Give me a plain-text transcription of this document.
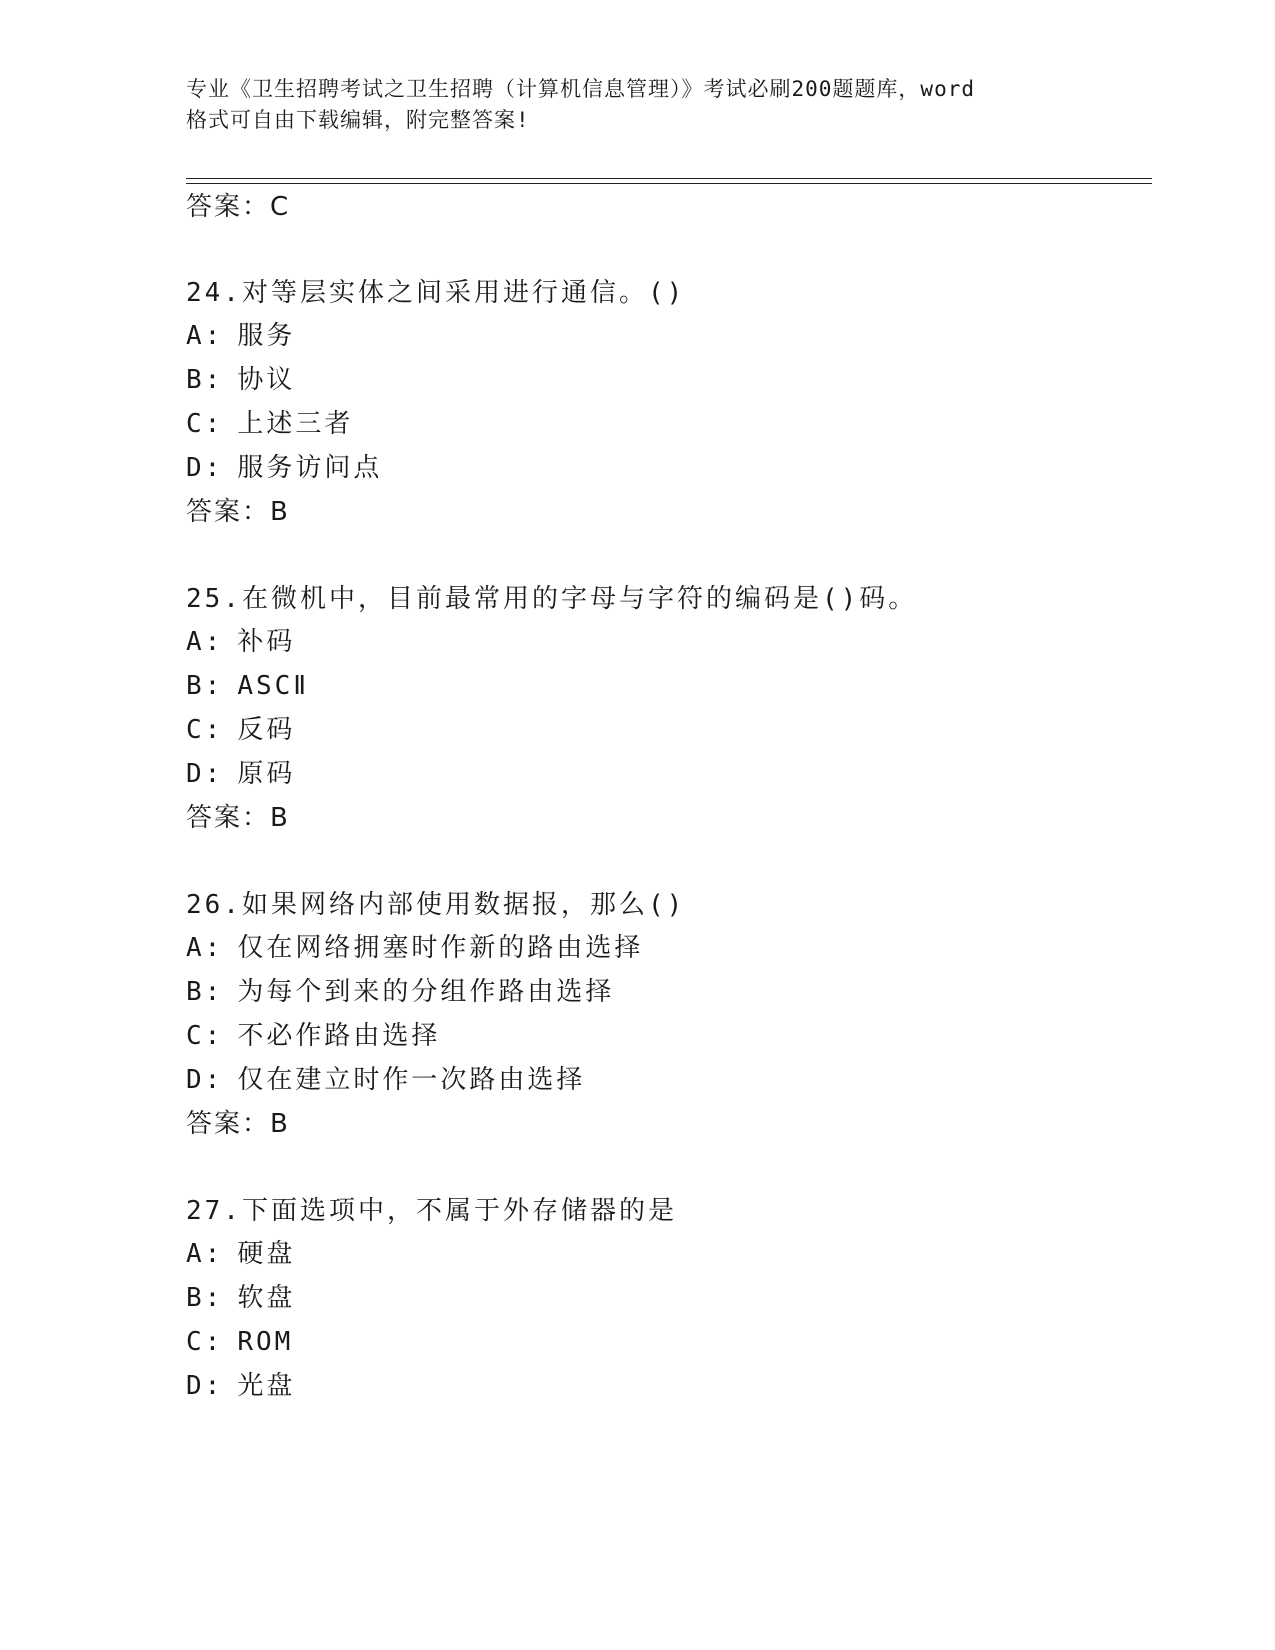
专业《卫生招聘考试之卫生招聘（计算机信息管理）》考试必刷200题题库，word
格式可自由下载编辑，附完整答案!
答案：C
24.对等层实体之间采用进行通信。()
A: 服务
B: 协议
C: 上述三者
D: 服务访问点
答案：B
25.在微机中，目前最常用的字母与字符的编码是()码。
A: 补码
B: ASCⅡ
C: 反码
D: 原码
答案：B
26.如果网络内部使用数据报，那么()
A: 仅在网络拥塞时作新的路由选择
B: 为每个到来的分组作路由选择
C: 不必作路由选择
D: 仅在建立时作一次路由选择
答案：B
27.下面选项中，不属于外存储器的是
A: 硬盘
B: 软盘
C: ROM
D: 光盘
